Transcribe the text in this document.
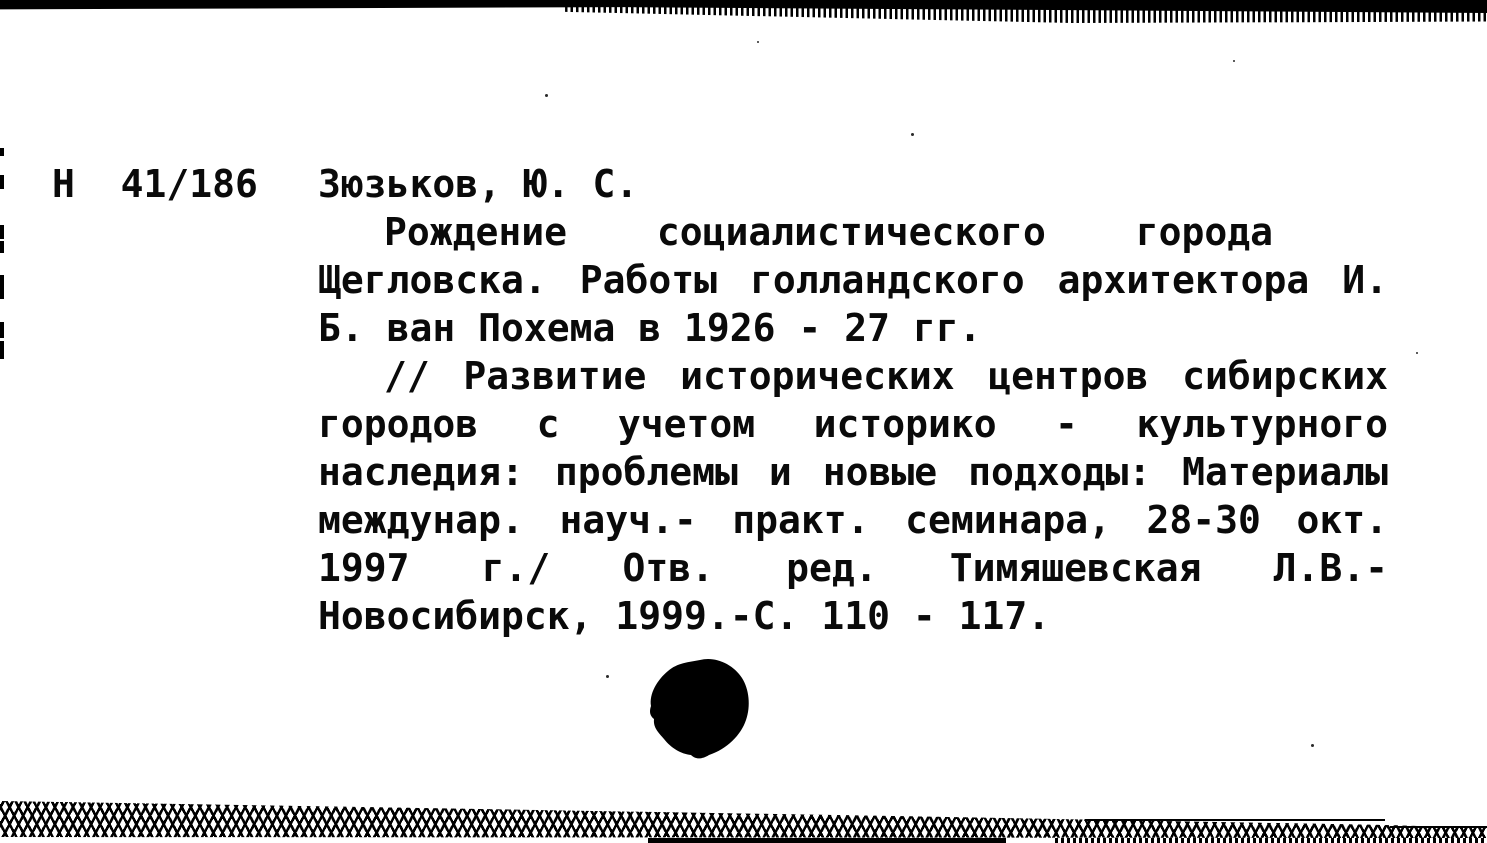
Н  41/186 Зюзьков, Ю. С.
Рождение социалистического города
Щегловска. Работы голландского архитектора И.
Б. ван Похема в 1926 - 27 гг.
// Развитие исторических центров сибирских
городов с учетом историко - культурного
наследия: проблемы и новые подходы: Материалы
междунар. науч.- практ. семинара, 28-30 окт.
1997 г./ Отв. ред. Тимяшевская Л.В.-
Новосибирск, 1999.-С. 110 - 117.
